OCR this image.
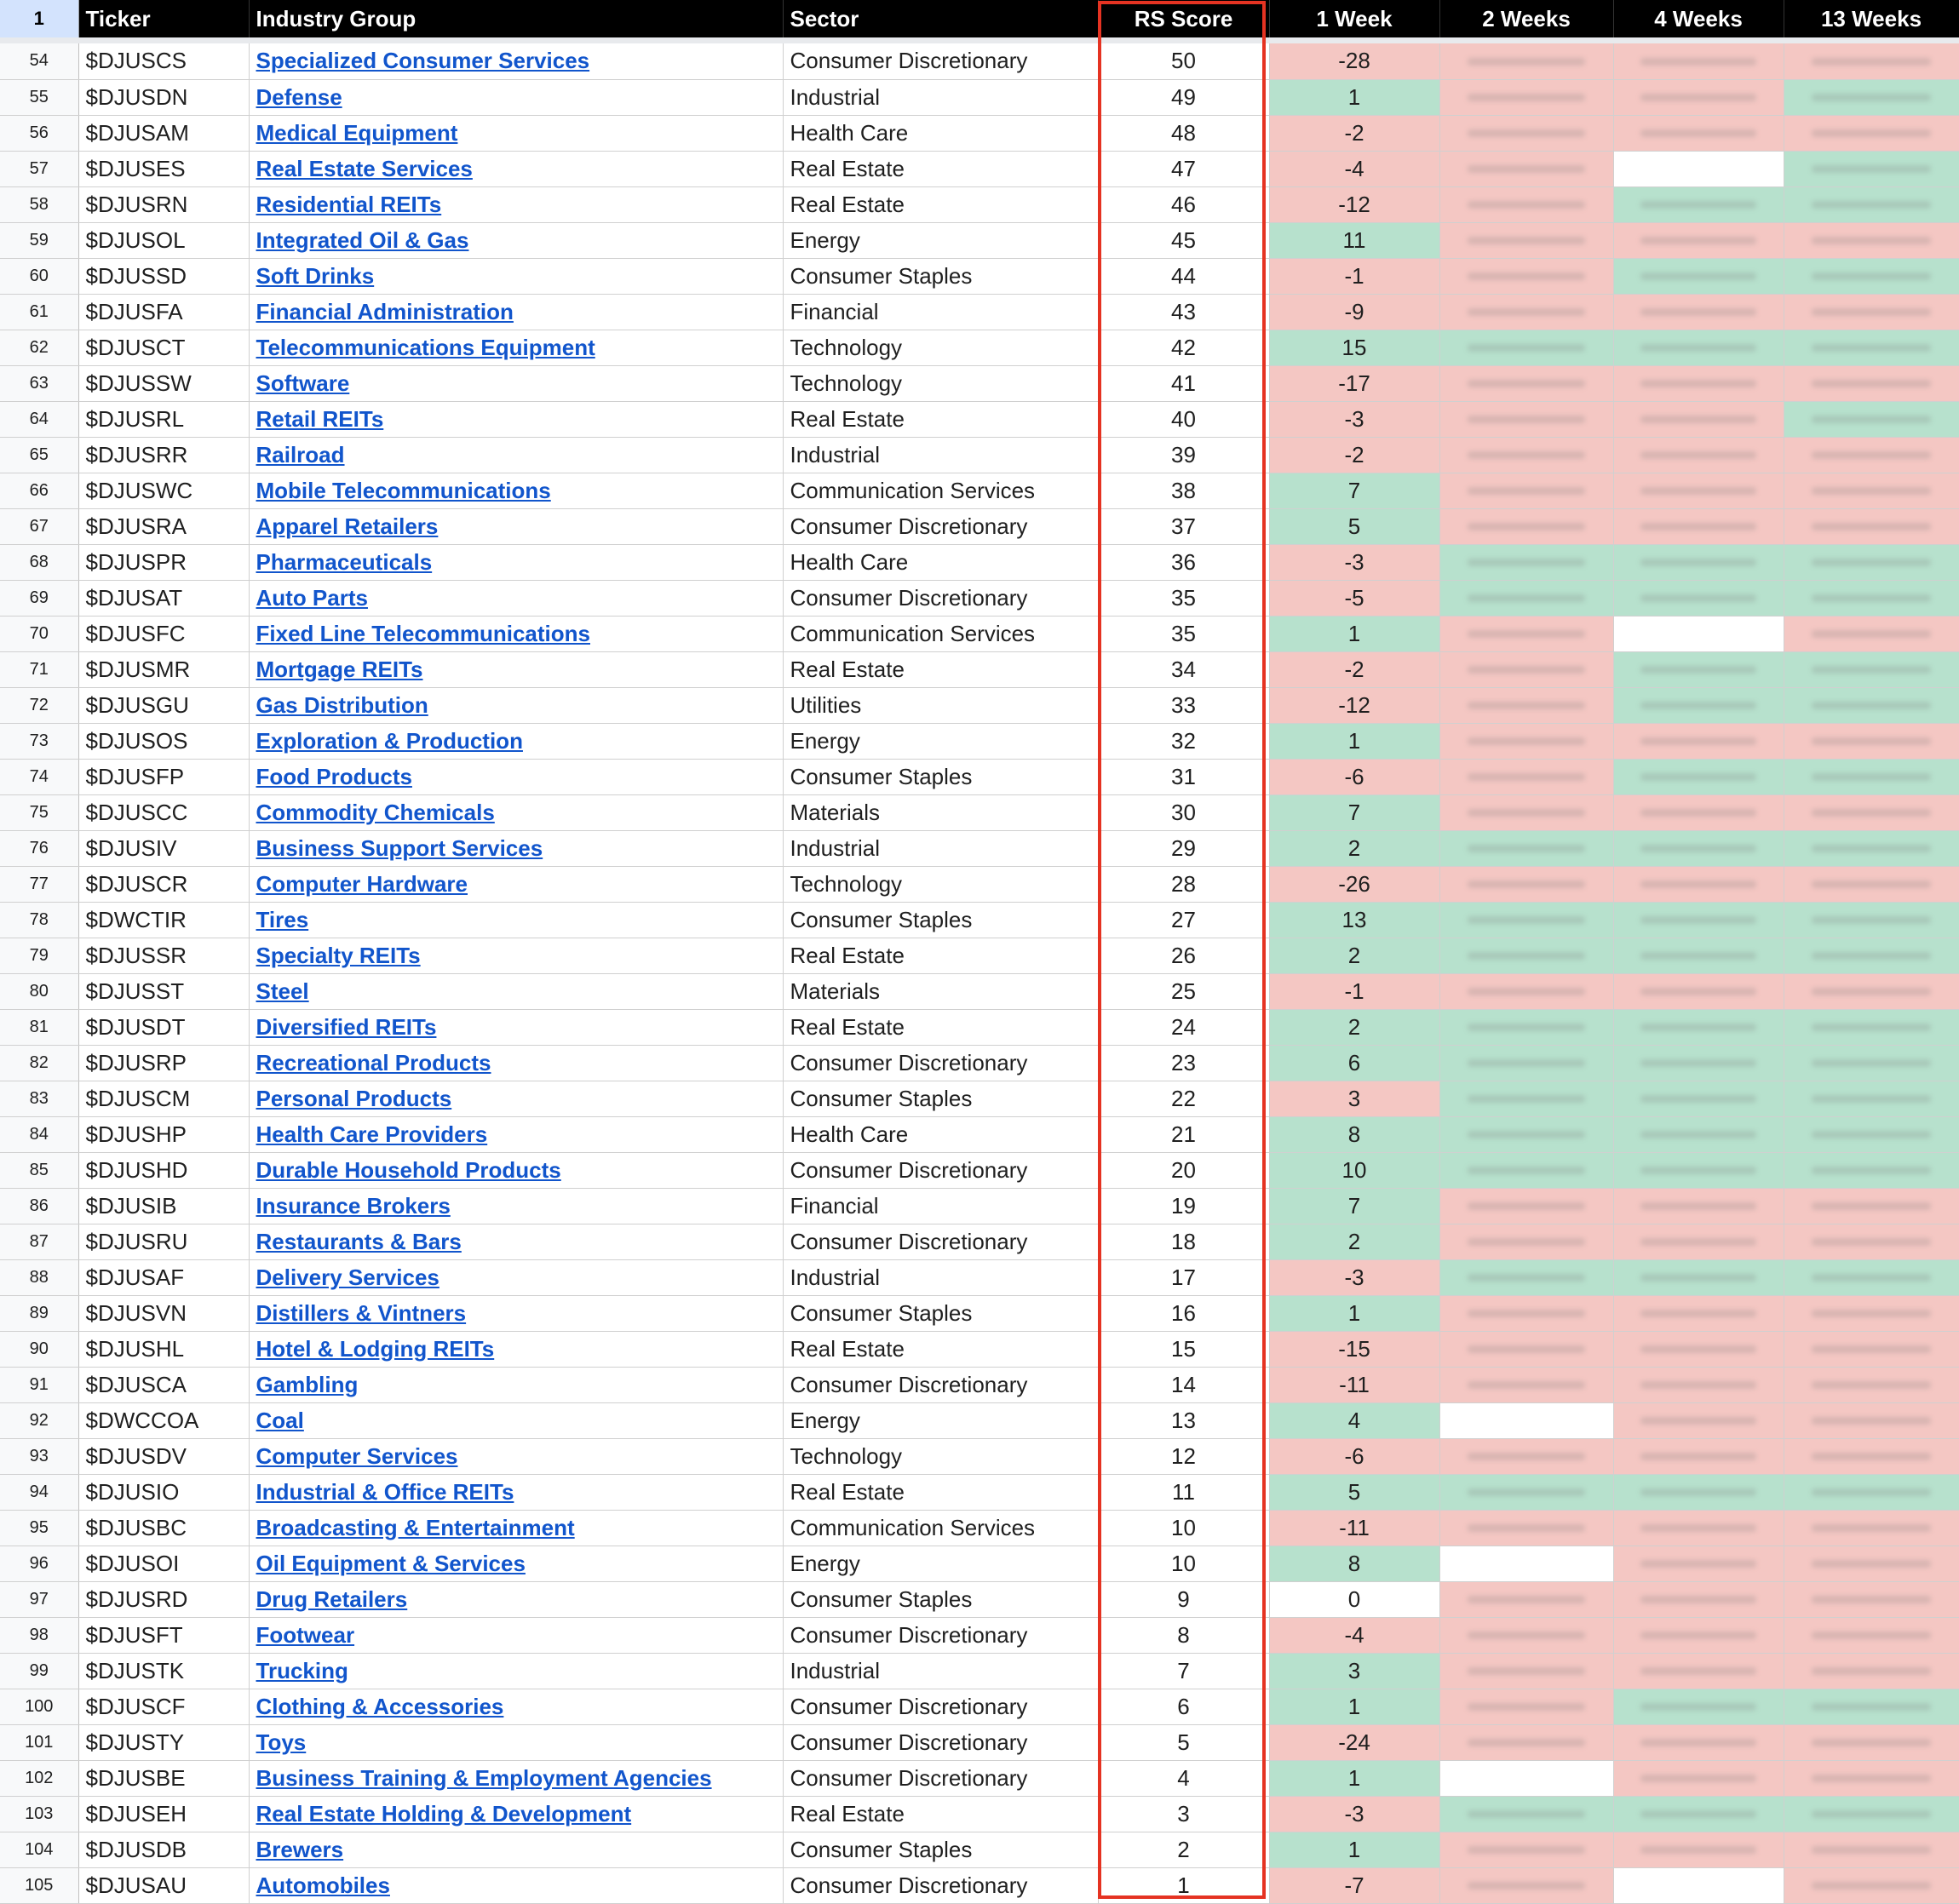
1	Ticker	Industry Group	Sector	RS Score	1 Week	2 Weeks	4 Weeks	13 Weeks

54	$DJUSCS	Specialized Consumer Services	Consumer Discretionary	50	-28	

55	$DJUSDN	Defense	Industrial	49	1	

56	$DJUSAM	Medical Equipment	Health Care	48	-2	

57	$DJUSES	Real Estate Services	Real Estate	47	-4	

58	$DJUSRN	Residential REITs	Real Estate	46	-12	

59	$DJUSOL	Integrated Oil & Gas	Energy	45	11	

60	$DJUSSD	Soft Drinks	Consumer Staples	44	-1	

61	$DJUSFA	Financial Administration	Financial	43	-9	

62	$DJUSCT	Telecommunications Equipment	Technology	42	15	

63	$DJUSSW	Software	Technology	41	-17	

64	$DJUSRL	Retail REITs	Real Estate	40	-3	

65	$DJUSRR	Railroad	Industrial	39	-2	

66	$DJUSWC	Mobile Telecommunications	Communication Services	38	7	

67	$DJUSRA	Apparel Retailers	Consumer Discretionary	37	5	

68	$DJUSPR	Pharmaceuticals	Health Care	36	-3	

69	$DJUSAT	Auto Parts	Consumer Discretionary	35	-5	

70	$DJUSFC	Fixed Line Telecommunications	Communication Services	35	1	

71	$DJUSMR	Mortgage REITs	Real Estate	34	-2	

72	$DJUSGU	Gas Distribution	Utilities	33	-12	

73	$DJUSOS	Exploration & Production	Energy	32	1	

74	$DJUSFP	Food Products	Consumer Staples	31	-6	

75	$DJUSCC	Commodity Chemicals	Materials	30	7	

76	$DJUSIV	Business Support Services	Industrial	29	2	

77	$DJUSCR	Computer Hardware	Technology	28	-26	

78	$DWCTIR	Tires	Consumer Staples	27	13	

79	$DJUSSR	Specialty REITs	Real Estate	26	2	

80	$DJUSST	Steel	Materials	25	-1	

81	$DJUSDT	Diversified REITs	Real Estate	24	2	

82	$DJUSRP	Recreational Products	Consumer Discretionary	23	6	

83	$DJUSCM	Personal Products	Consumer Staples	22	3	

84	$DJUSHP	Health Care Providers	Health Care	21	8	

85	$DJUSHD	Durable Household Products	Consumer Discretionary	20	10	

86	$DJUSIB	Insurance Brokers	Financial	19	7	

87	$DJUSRU	Restaurants & Bars	Consumer Discretionary	18	2	

88	$DJUSAF	Delivery Services	Industrial	17	-3	

89	$DJUSVN	Distillers & Vintners	Consumer Staples	16	1	

90	$DJUSHL	Hotel & Lodging REITs	Real Estate	15	-15	

91	$DJUSCA	Gambling	Consumer Discretionary	14	-11	

92	$DWCCOA	Coal	Energy	13	4		

93	$DJUSDV	Computer Services	Technology	12	-6	

94	$DJUSIO	Industrial & Office REITs	Real Estate	11	5	

95	$DJUSBC	Broadcasting & Entertainment	Communication Services	10	-11	

96	$DJUSOI	Oil Equipment & Services	Energy	10	8		

97	$DJUSRD	Drug Retailers	Consumer Staples	9	0	

98	$DJUSFT	Footwear	Consumer Discretionary	8	-4	

99	$DJUSTK	Trucking	Industrial	7	3	

100	$DJUSCF	Clothing & Accessories	Consumer Discretionary	6	1	

101	$DJUSTY	Toys	Consumer Discretionary	5	-24	

102	$DJUSBE	Business Training & Employment Agencies	Consumer Discretionary	4	1		

103	$DJUSEH	Real Estate Holding & Development	Real Estate	3	-3	

104	$DJUSDB	Brewers	Consumer Staples	2	1	

105	$DJUSAU	Automobiles	Consumer Discretionary	1	-7	
